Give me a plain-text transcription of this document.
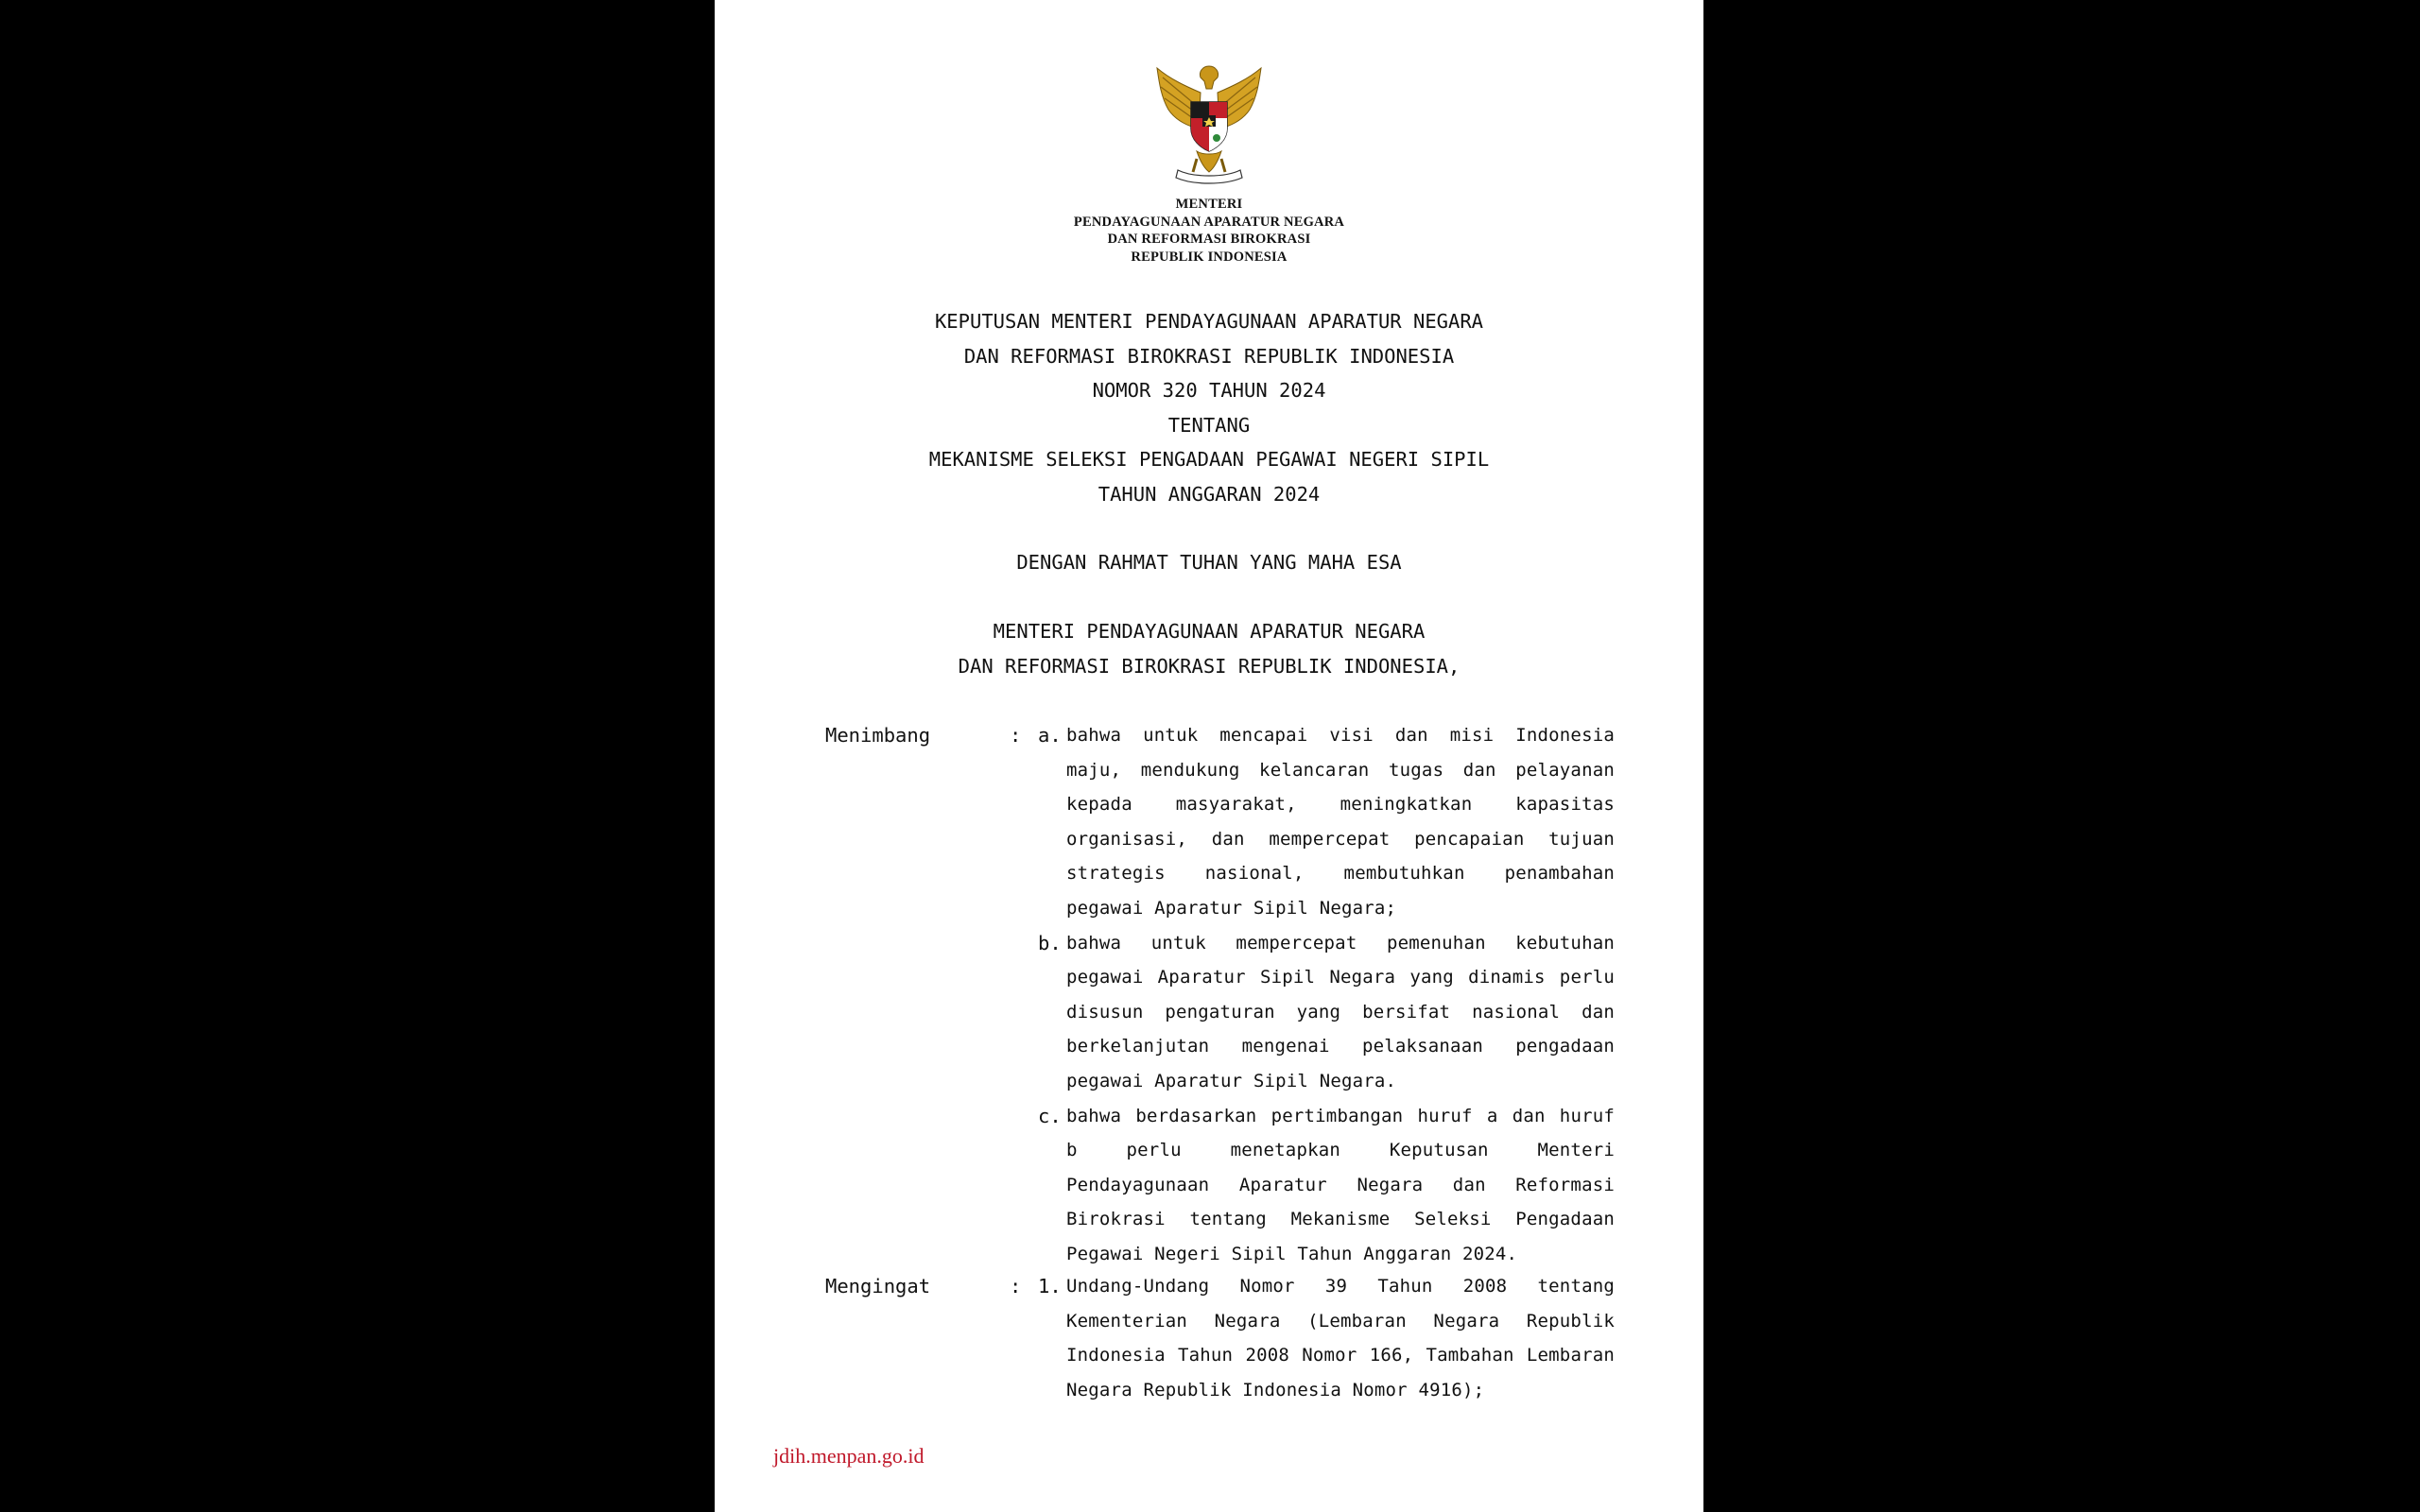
MENTERI
PENDAYAGUNAAN APARATUR NEGARA
DAN REFORMASI BIROKRASI
REPUBLIK INDONESIA
KEPUTUSAN MENTERI PENDAYAGUNAAN APARATUR NEGARA
DAN REFORMASI BIROKRASI REPUBLIK INDONESIA
NOMOR 320 TAHUN 2024
TENTANG
MEKANISME SELEKSI PENGADAAN PEGAWAI NEGERI SIPIL
TAHUN ANGGARAN 2024
DENGAN RAHMAT TUHAN YANG MAHA ESA
MENTERI PENDAYAGUNAAN APARATUR NEGARA
DAN REFORMASI BIROKRASI REPUBLIK INDONESIA,
Menimbang	: a. bahwa untuk mencapai visi dan misi Indonesia maju, mendukung kelancaran tugas dan pelayanan kepada masyarakat, meningkatkan kapasitas organisasi, dan mempercepat pencapaian tujuan strategis nasional, membutuhkan penambahan pegawai Aparatur Sipil Negara;
b. bahwa untuk mempercepat pemenuhan kebutuhan pegawai Aparatur Sipil Negara yang dinamis perlu disusun pengaturan yang bersifat nasional dan berkelanjutan mengenai pelaksanaan pengadaan pegawai Aparatur Sipil Negara.
c. bahwa berdasarkan pertimbangan huruf a dan huruf b perlu menetapkan Keputusan Menteri Pendayagunaan Aparatur Negara dan Reformasi Birokrasi tentang Mekanisme Seleksi Pengadaan Pegawai Negeri Sipil Tahun Anggaran 2024.
Mengingat	: 1. Undang-Undang Nomor 39 Tahun 2008 tentang Kementerian Negara (Lembaran Negara Republik Indonesia Tahun 2008 Nomor 166, Tambahan Lembaran Negara Republik Indonesia Nomor 4916);
jdih.menpan.go.id
